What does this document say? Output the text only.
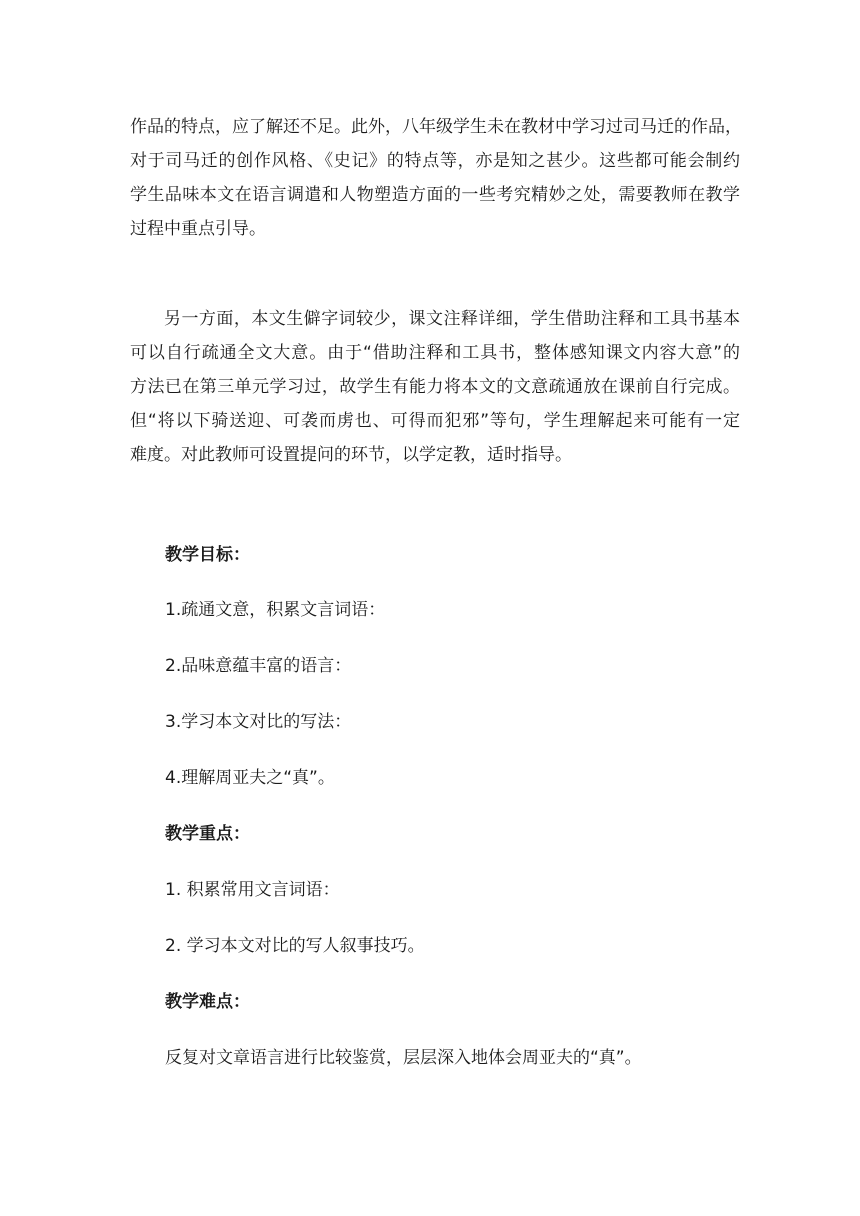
作品的特点，应了解还不足。此外，八年级学生未在教材中学习过司马迁的作品，
对于司马迁的创作风格、《史记》的特点等，亦是知之甚少。这些都可能会制约
学生品味本文在语言调遣和人物塑造方面的一些考究精妙之处，需要教师在教学
过程中重点引导。
另一方面，本文生僻字词较少，课文注释详细，学生借助注释和工具书基本
可以自行疏通全文大意。由于“借助注释和工具书，整体感知课文内容大意”的
方法已在第三单元学习过，故学生有能力将本文的文意疏通放在课前自行完成。
但“将以下骑送迎、可袭而虏也、可得而犯邪”等句，学生理解起来可能有一定
难度。对此教师可设置提问的环节，以学定教，适时指导。
教学目标：
1.疏通文意，积累文言词语：
2.品味意蕴丰富的语言：
3.学习本文对比的写法：
4.理解周亚夫之“真”。
教学重点：
1. 积累常用文言词语：
2. 学习本文对比的写人叙事技巧。
教学难点：
反复对文章语言进行比较鉴赏，层层深入地体会周亚夫的“真”。
